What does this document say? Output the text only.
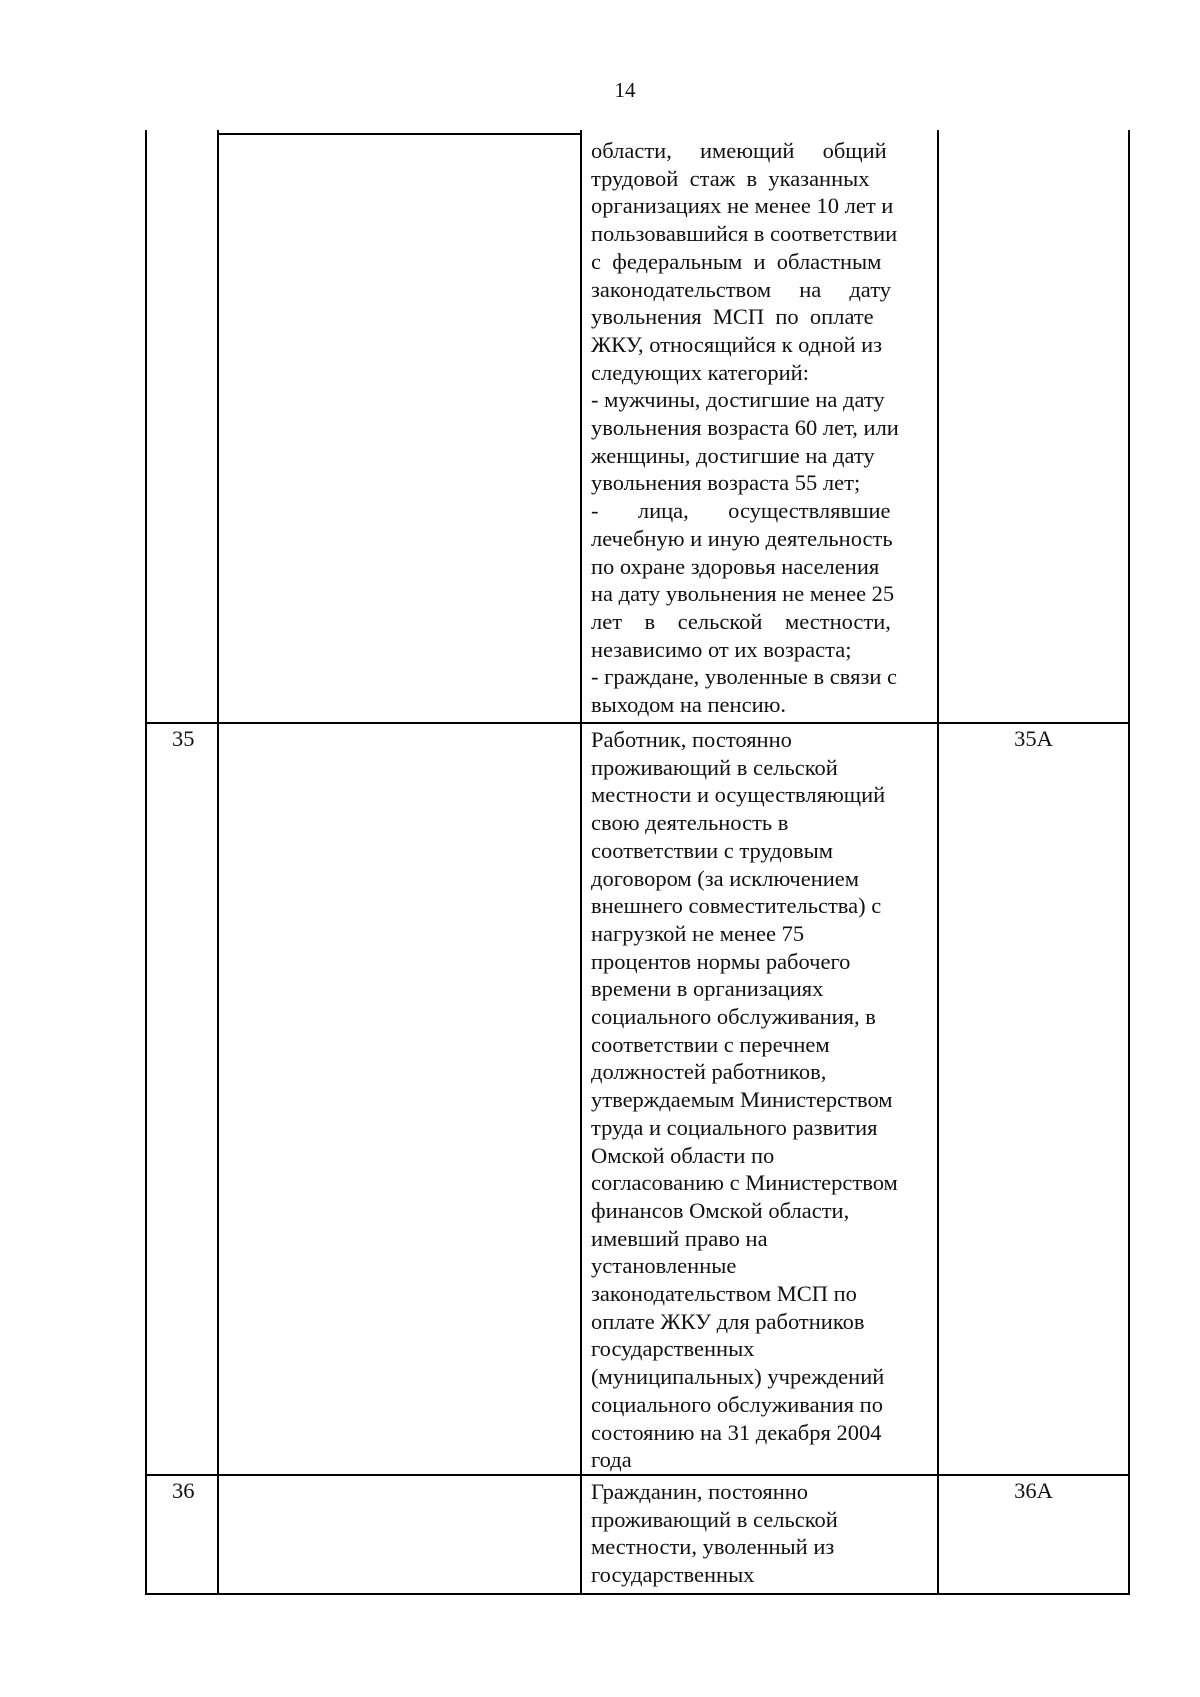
14
области,     имеющий     общий
трудовой  стаж  в  указанных
организациях не менее 10 лет и
пользовавшийся в соответствии
с  федеральным  и  областным
законодательством     на     дату
увольнения  МСП  по  оплате
ЖКУ, относящийся к одной из
следующих категорий:
- мужчины, достигшие на дату
увольнения возраста 60 лет, или
женщины, достигшие на дату
увольнения возраста 55 лет;
-       лица,       осуществлявшие
лечебную и иную деятельность
по охране здоровья населения
на дату увольнения не менее 25
лет    в    сельской    местности,
независимо от их возраста;
- граждане, уволенные в связи с
выходом на пенсию.
35	Работник, постоянно
проживающий в сельской
местности и осуществляющий
свою деятельность в
соответствии с трудовым
договором (за исключением
внешнего совместительства) с
нагрузкой не менее 75
процентов нормы рабочего
времени в организациях
социального обслуживания, в
соответствии с перечнем
должностей работников,
утверждаемым Министерством
труда и социального развития
Омской области по
согласованию с Министерством
финансов Омской области,
имевший право на
установленные
законодательством МСП по
оплате ЖКУ для работников
государственных
(муниципальных) учреждений
социального обслуживания по
состоянию на 31 декабря 2004
года
35А
36	Гражданин, постоянно
проживающий в сельской
местности, уволенный из
государственных
36А
